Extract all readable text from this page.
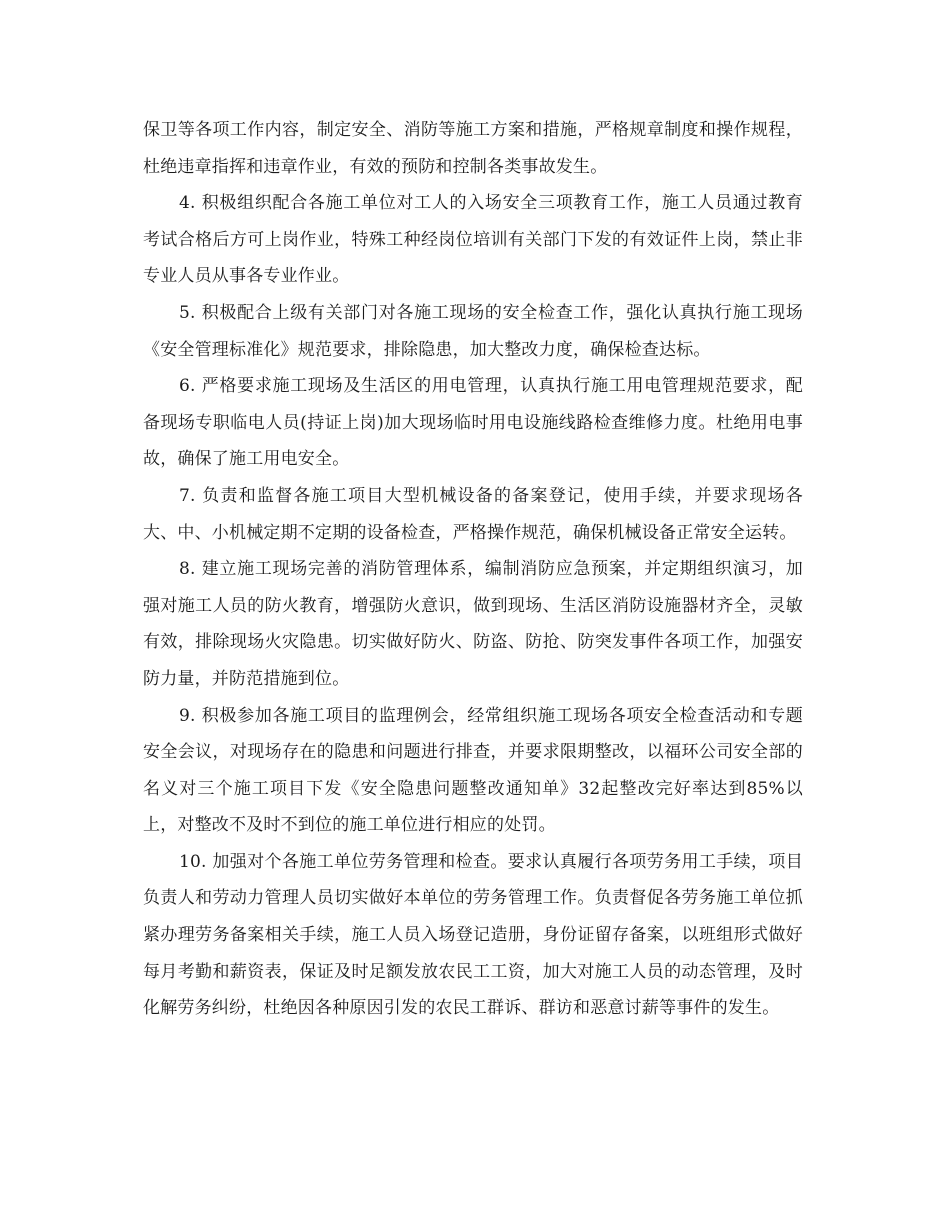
保卫等各项工作内容，制定安全、消防等施工方案和措施，严格规章制度和操作规程，杜绝违章指挥和违章作业，有效的预防和控制各类事故发生。

4. 积极组织配合各施工单位对工人的入场安全三项教育工作，施工人员通过教育考试合格后方可上岗作业，特殊工种经岗位培训有关部门下发的有效证件上岗，禁止非专业人员从事各专业作业。

5. 积极配合上级有关部门对各施工现场的安全检查工作，强化认真执行施工现场《安全管理标准化》规范要求，排除隐患，加大整改力度，确保检查达标。

6. 严格要求施工现场及生活区的用电管理，认真执行施工用电管理规范要求，配备现场专职临电人员(持证上岗)加大现场临时用电设施线路检查维修力度。杜绝用电事故，确保了施工用电安全。

7. 负责和监督各施工项目大型机械设备的备案登记，使用手续，并要求现场各大、中、小机械定期不定期的设备检查，严格操作规范，确保机械设备正常安全运转。

8. 建立施工现场完善的消防管理体系，编制消防应急预案，并定期组织演习，加强对施工人员的防火教育，增强防火意识，做到现场、生活区消防设施器材齐全，灵敏有效，排除现场火灾隐患。切实做好防火、防盗、防抢、防突发事件各项工作，加强安防力量，并防范措施到位。

9. 积极参加各施工项目的监理例会，经常组织施工现场各项安全检查活动和专题安全会议，对现场存在的隐患和问题进行排查，并要求限期整改，以福环公司安全部的名义对三个施工项目下发《安全隐患问题整改通知单》32起整改完好率达到85%以上，对整改不及时不到位的施工单位进行相应的处罚。

10. 加强对个各施工单位劳务管理和检查。要求认真履行各项劳务用工手续，项目负责人和劳动力管理人员切实做好本单位的劳务管理工作。负责督促各劳务施工单位抓紧办理劳务备案相关手续，施工人员入场登记造册，身份证留存备案，以班组形式做好每月考勤和薪资表，保证及时足额发放农民工工资，加大对施工人员的动态管理，及时化解劳务纠纷，杜绝因各种原因引发的农民工群诉、群访和恶意讨薪等事件的发生。
